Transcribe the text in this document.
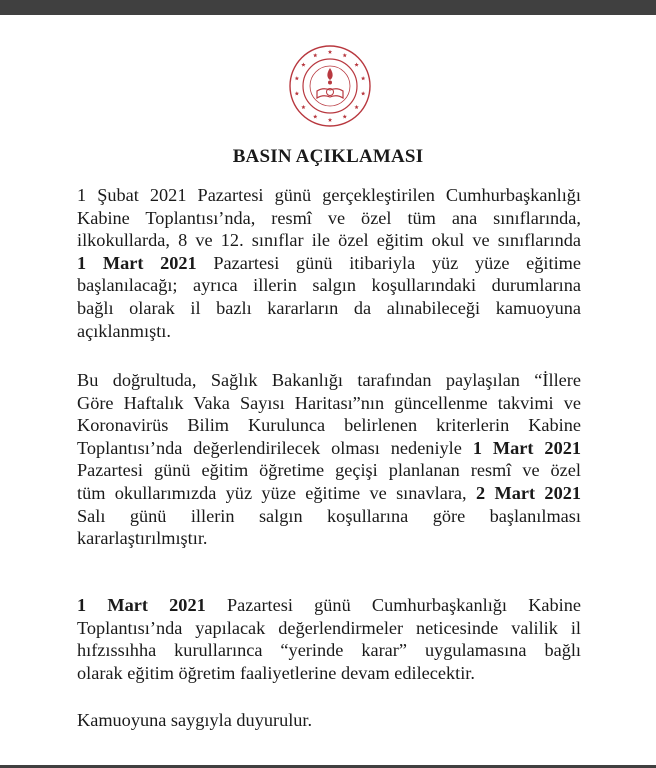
BASIN AÇIKLAMASI
1 Şubat 2021 Pazartesi günü gerçekleştirilen Cumhurbaşkanlığı
Kabine Toplantısı’nda, resmî ve özel tüm ana sınıflarında,
ilkokullarda, 8 ve 12. sınıflar ile özel eğitim okul ve sınıflarında
1 Mart 2021 Pazartesi günü itibariyla yüz yüze eğitime
başlanılacağı; ayrıca illerin salgın koşullarındaki durumlarına
bağlı olarak il bazlı kararların da alınabileceği kamuoyuna
açıklanmıştı.
Bu doğrultuda, Sağlık Bakanlığı tarafından paylaşılan “İllere
Göre Haftalık Vaka Sayısı Haritası”nın güncellenme takvimi ve
Koronavirüs Bilim Kurulunca belirlenen kriterlerin Kabine
Toplantısı’nda değerlendirilecek olması nedeniyle 1 Mart 2021
Pazartesi günü eğitim öğretime geçişi planlanan resmî ve özel
tüm okullarımızda yüz yüze eğitime ve sınavlara, 2 Mart 2021
Salı günü illerin salgın koşullarına göre başlanılması
kararlaştırılmıştır.
1 Mart 2021 Pazartesi günü Cumhurbaşkanlığı Kabine
Toplantısı’nda yapılacak değerlendirmeler neticesinde valilik il
hıfzıssıhha kurullarınca “yerinde karar” uygulamasına bağlı
olarak eğitim öğretim faaliyetlerine devam edilecektir.
Kamuoyuna saygıyla duyurulur.
